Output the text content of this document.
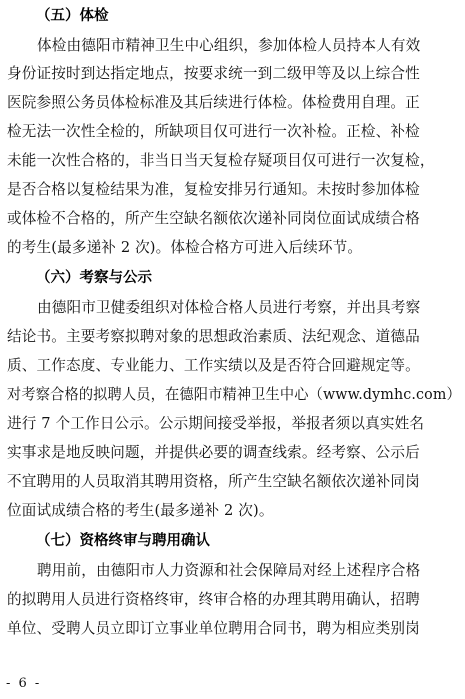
（五）体检
体检由德阳市精神卫生中心组织，参加体检人员持本人有效
身份证按时到达指定地点，按要求统一到二级甲等及以上综合性
医院参照公务员体检标准及其后续进行体检。体检费用自理。正
检无法一次性全检的，所缺项目仅可进行一次补检。正检、补检
未能一次性合格的，非当日当天复检存疑项目仅可进行一次复检，
是否合格以复检结果为准，复检安排另行通知。未按时参加体检
或体检不合格的，所产生空缺名额依次递补同岗位面试成绩合格
的考生(最多递补 2 次)。体检合格方可进入后续环节。
（六）考察与公示
由德阳市卫健委组织对体检合格人员进行考察，并出具考察
结论书。主要考察拟聘对象的思想政治素质、法纪观念、道德品
质、工作态度、专业能力、工作实绩以及是否符合回避规定等。
对考察合格的拟聘人员，在德阳市精神卫生中心（www.dymhc.com）
进行 7 个工作日公示。公示期间接受举报，举报者须以真实姓名
实事求是地反映问题，并提供必要的调查线索。经考察、公示后
不宜聘用的人员取消其聘用资格，所产生空缺名额依次递补同岗
位面试成绩合格的考生(最多递补 2 次)。
（七）资格终审与聘用确认
聘用前，由德阳市人力资源和社会保障局对经上述程序合格
的拟聘用人员进行资格终审，终审合格的办理其聘用确认，招聘
单位、受聘人员立即订立事业单位聘用合同书，聘为相应类别岗
- 6 -
